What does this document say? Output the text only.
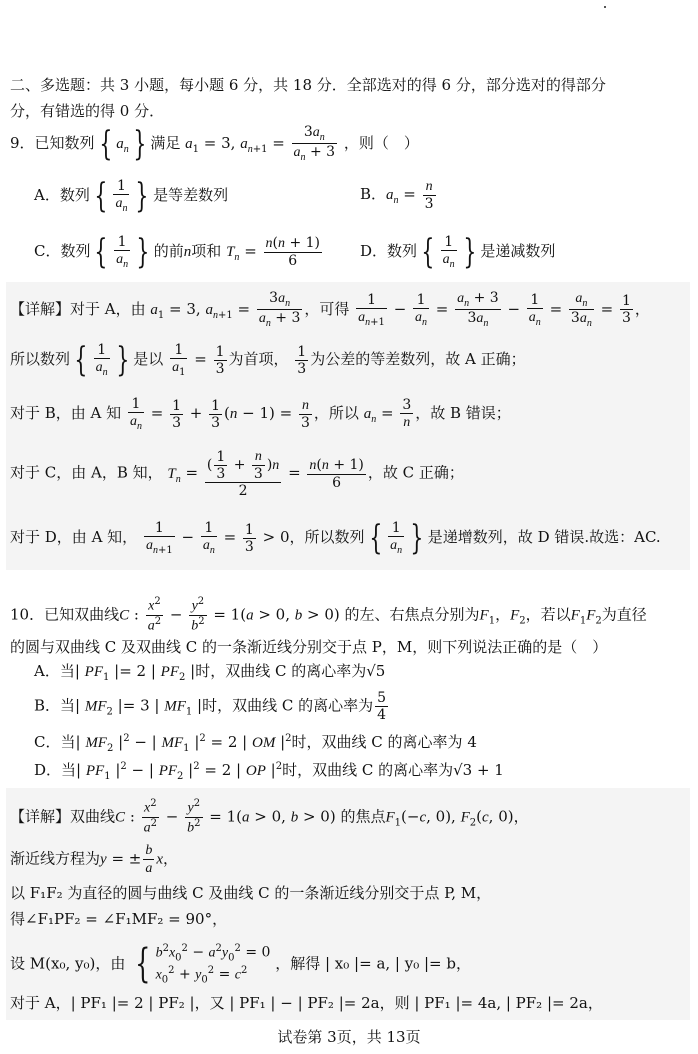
二、多选题：共 3 小题，每小题 6 分，共 18 分．全部选对的得 6 分，部分选对的得部分
分，有错选的得 0 分．
9．已知数列 { $a_n$ } 满足 $a_1 = 3$, $a_{n+1} = \frac{3a_n}{a_n + 3}$ ，则（　）
A．数列 { $\frac{1}{a_n}$ } 是等差数列	B．$a_n = \frac{n}{3}$
C．数列 { $\frac{1}{a_n}$ } 的前n项和 $T_n = \frac{n(n + 1)}{6}$	D．数列 { $\frac{1}{a_n}$ } 是递减数列
【详解】对于 A，由 $a_1 = 3$, $a_{n+1} = \frac{3a_n}{a_n + 3}$ ，可得 $\frac{1}{a_{n+1}} - \frac{1}{a_n} = \frac{a_n + 3}{3a_n} - \frac{1}{a_n} = \frac{a_n}{3a_n} = \frac{1}{3}$ ，
所以数列 { $\frac{1}{a_n}$ } 是以 $\frac{1}{a_1} = \frac{1}{3}$ 为首项， $\frac{1}{3}$ 为公差的等差数列，故 A 正确；
对于 B，由 A 知 $\frac{1}{a_n} = \frac{1}{3} + \frac{1}{3} (n - 1) = \frac{n}{3}$ ，所以 $a_n = \frac{3}{n}$ ，故 B 错误；
对于 C，由 A，B 知， $T_n = \frac{( \frac{1}{3} + \frac{n}{3} )n}{2} = \frac{n(n + 1)}{6}$ ，故 C 正确；
对于 D，由 A 知， $\frac{1}{a_{n+1}} - \frac{1}{a_n} = \frac{1}{3} > 0$，所以数列 { $\frac{1}{a_n}$ } 是递增数列，故 D 错误.故选：AC.
10．已知双曲线C : $\frac{x^2}{a^2} - \frac{y^2}{b^2} = 1(a > 0$, b > 0) 的左、右焦点分别为$F_1$，$F_2$，若以$F_1F_2$为直径
的圆与双曲线 C 及双曲线 C 的一条渐近线分别交于点 P，M，则下列说法正确的是（　）
A．当| $PF_1$ |= 2 | $PF_2$ |时，双曲线 C 的离心率为√5
B．当| $MF_2$ |= 3 | $MF_1$ |时，双曲线 C 的离心率为 $\frac{5}{4}$
C．当| $MF_2$ $|^2$ − | $MF_1$ $|^2 = 2$ | OM $|^2$时，双曲线 C 的离心率为 4
D．当| $PF_1$ $|^2$ − | $PF_2$ $|^2 = 2$ | OP $|^2$时，双曲线 C 的离心率为√3 + 1
【详解】双曲线C : $\frac{x^2}{a^2} - \frac{y^2}{b^2} = 1(a > 0$, b > 0) 的焦点$F_1(-c$, 0), $F_2(c$, 0)，
渐近线方程为y = ± $\frac{b}{a}$ x，
以 F₁F₂ 为直径的圆与曲线 C 及曲线 C 的一条渐近线分别交于点 P, M，
得∠F₁PF₂ = ∠F₁MF₂ = 90°，
设 M(x₀, y₀)，由 { $b^2x_0^2 - a^2y_0^2 = 0$
$x_0^2 + y_0^2 = c^2$	，解得 | x₀ |= a, | y₀ |= b，
对于 A，| PF₁ |= 2 | PF₂ |，又 | PF₁ | − | PF₂ |= 2a，则 | PF₁ |= 4a, | PF₂ |= 2a，
试卷第 3页，共 13页
